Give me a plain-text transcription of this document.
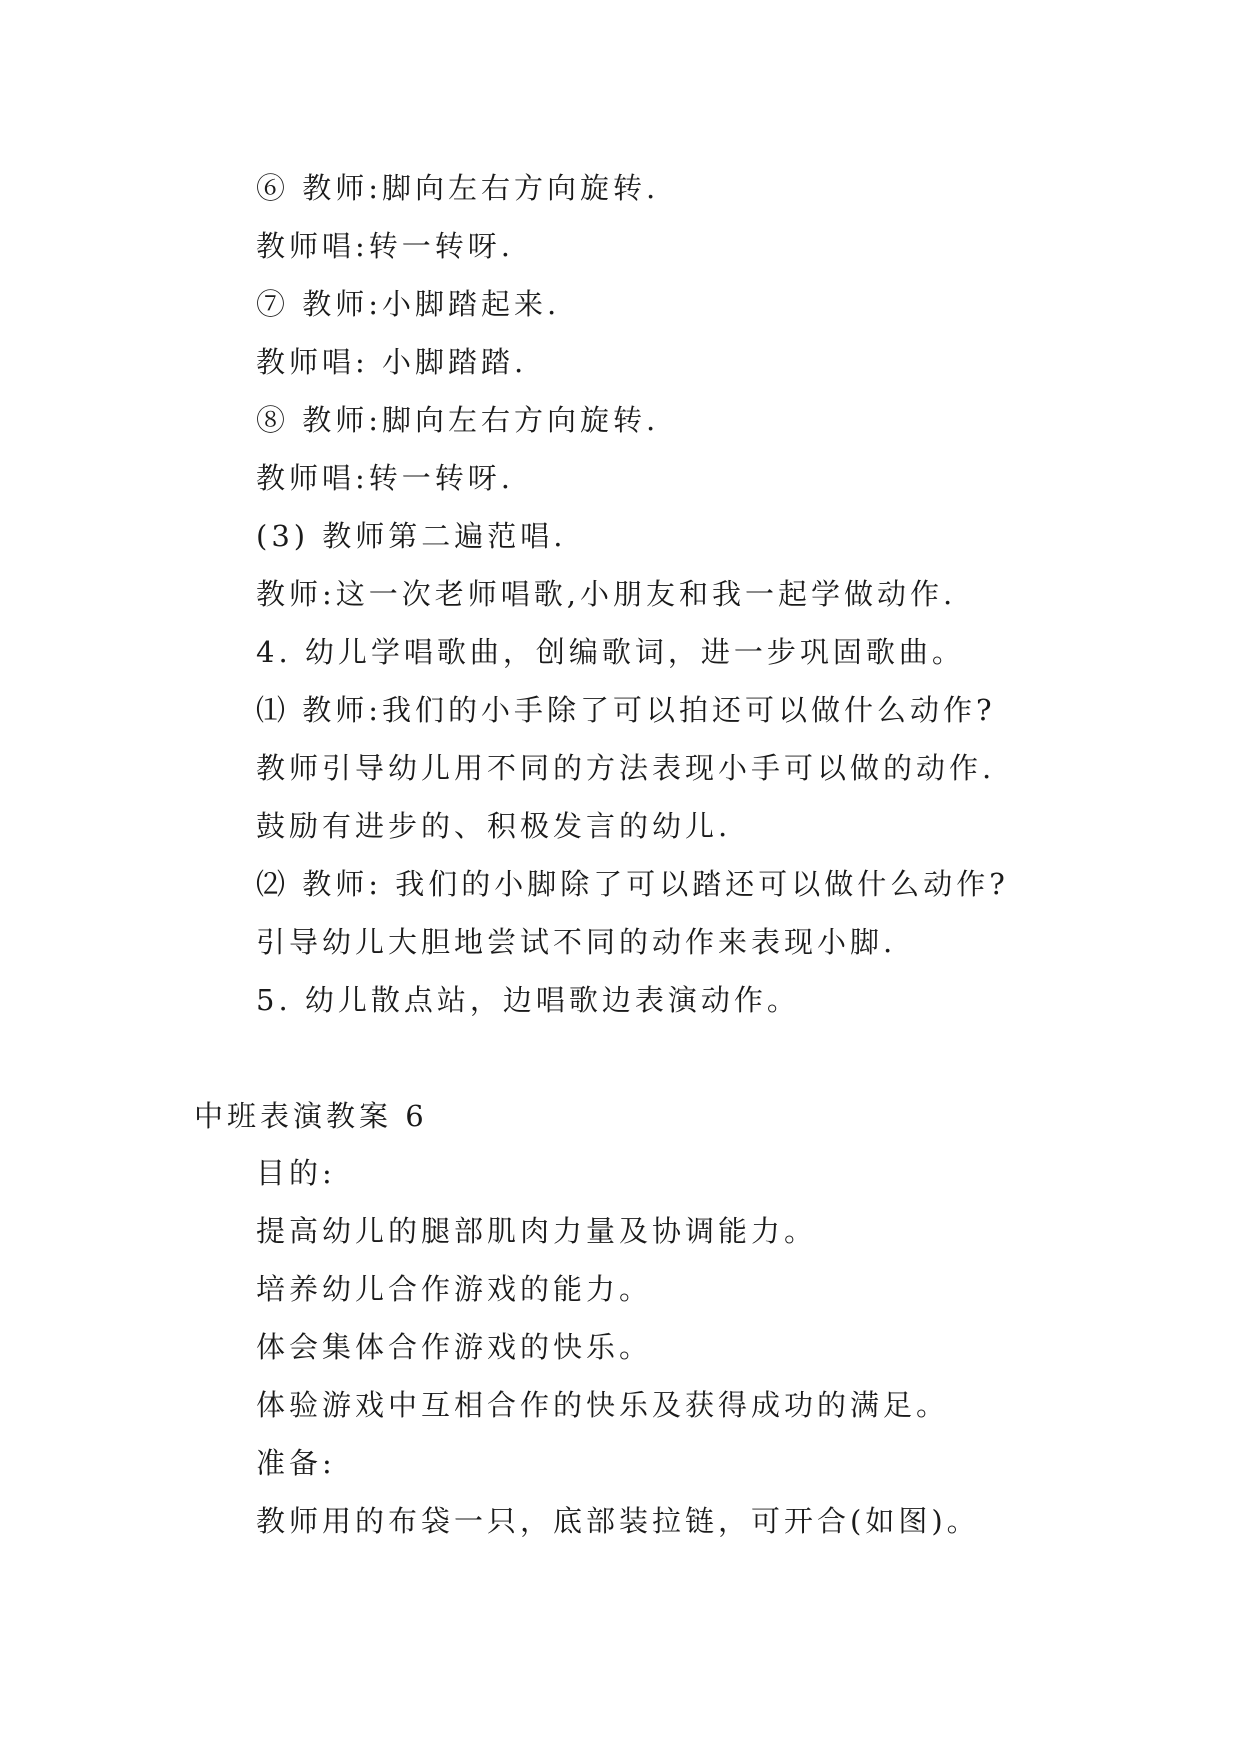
⑥ 教师:脚向左右方向旋转.
教师唱:转一转呀.
⑦ 教师:小脚踏起来.
教师唱: 小脚踏踏.
⑧ 教师:脚向左右方向旋转.
教师唱:转一转呀.
(3) 教师第二遍范唱.
教师:这一次老师唱歌,小朋友和我一起学做动作.
4. 幼儿学唱歌曲，创编歌词，进一步巩固歌曲。
⑴ 教师:我们的小手除了可以拍还可以做什么动作?
教师引导幼儿用不同的方法表现小手可以做的动作.
鼓励有进步的、积极发言的幼儿.
⑵ 教师: 我们的小脚除了可以踏还可以做什么动作?
引导幼儿大胆地尝试不同的动作来表现小脚.
5. 幼儿散点站，边唱歌边表演动作。
中班表演教案 6
目的:
提高幼儿的腿部肌肉力量及协调能力。
培养幼儿合作游戏的能力。
体会集体合作游戏的快乐。
体验游戏中互相合作的快乐及获得成功的满足。
准备:
教师用的布袋一只，底部装拉链，可开合(如图)。
